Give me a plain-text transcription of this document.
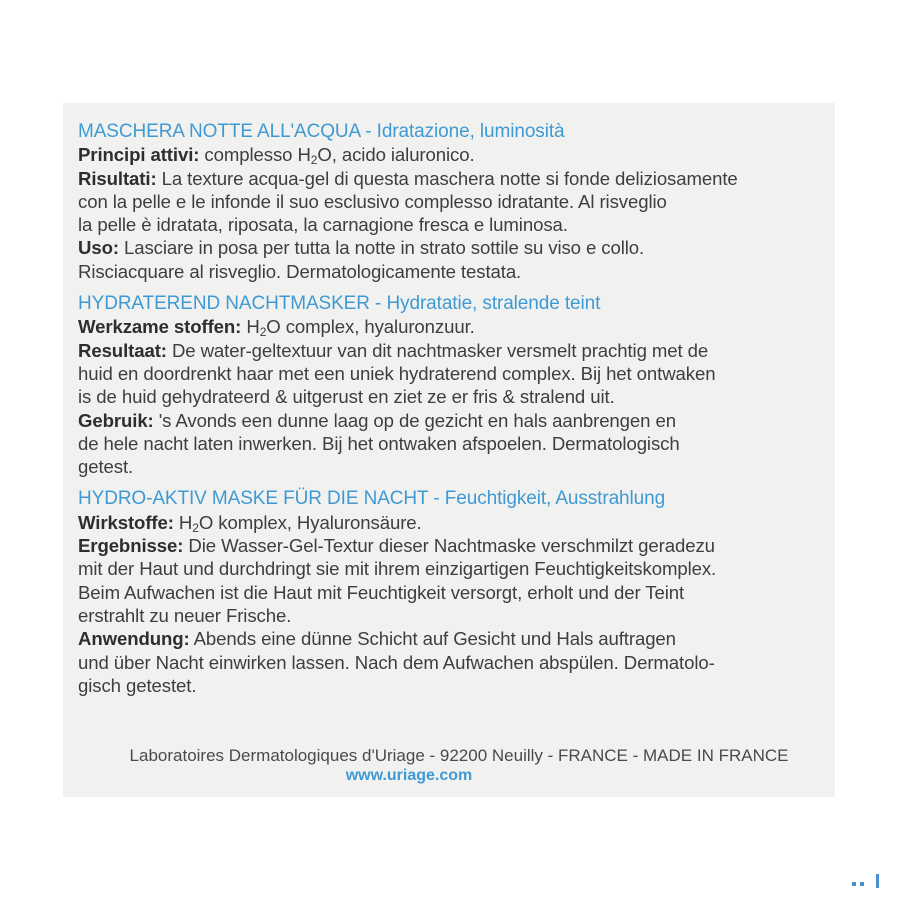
MASCHERA NOTTE ALL'ACQUA - Idratazione, luminosità

Principi attivi: complesso $H_2O$, acido ialuronico.

Risultati: La texture acqua-gel di questa maschera notte si fonde deliziosamente

con la pelle e le infonde il suo esclusivo complesso idratante. Al risveglio

la pelle è idratata, riposata, la carnagione fresca e luminosa.

Uso: Lasciare in posa per tutta la notte in strato sottile su viso e collo.

Risciacquare al risveglio. Dermatologicamente testata.

HYDRATEREND NACHTMASKER - Hydratatie, stralende teint

Werkzame stoffen: $H_2O$ complex, hyaluronzuur.

Resultaat: De water-geltextuur van dit nachtmasker versmelt prachtig met de

huid en doordrenkt haar met een uniek hydraterend complex. Bij het ontwaken

is de huid gehydrateerd & uitgerust en ziet ze er fris & stralend uit.

Gebruik: 's Avonds een dunne laag op de gezicht en hals aanbrengen en

de hele nacht laten inwerken. Bij het ontwaken afspoelen. Dermatologisch

getest.

HYDRO-AKTIV MASKE FÜR DIE NACHT - Feuchtigkeit, Ausstrahlung

Wirkstoffe: $H_2O$ komplex, Hyaluronsäure.

Ergebnisse: Die Wasser-Gel-Textur dieser Nachtmaske verschmilzt geradezu

mit der Haut und durchdringt sie mit ihrem einzigartigen Feuchtigkeitskomplex.

Beim Aufwachen ist die Haut mit Feuchtigkeit versorgt, erholt und der Teint

erstrahlt zu neuer Frische.

Anwendung: Abends eine dünne Schicht auf Gesicht und Hals auftragen

und über Nacht einwirken lassen. Nach dem Aufwachen abspülen. Dermatolo-

gisch getestet.

Laboratoires Dermatologiques d'Uriage - 92200 Neuilly - FRANCE - MADE IN FRANCE
www.uriage.com
